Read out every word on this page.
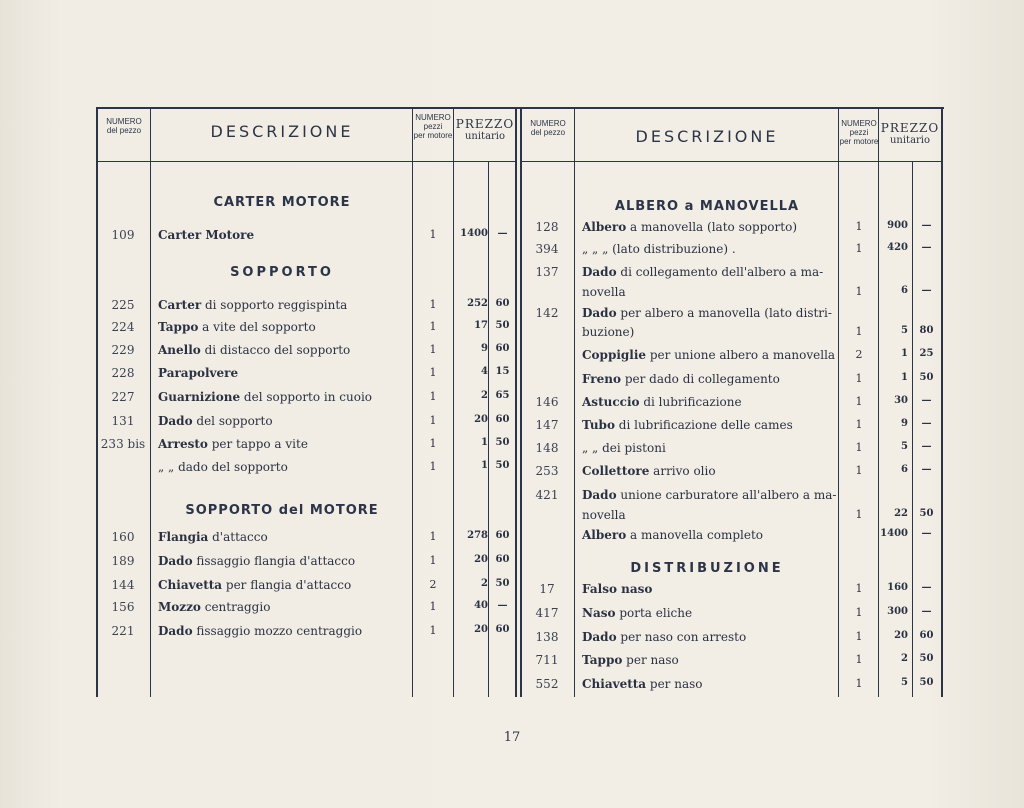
NUMERO
del pezzo	DESCRIZIONE
NUMERO
pezzi
per motore
PREZZO
unitario
NUMERO
del pezzo	DESCRIZIONE
NUMERO
pezzi
per motore
PREZZO
unitario
CARTER MOTORE
SOPPORTO
SOPPORTO del MOTORE
ALBERO a MANOVELLA
DISTRIBUZIONE
109	Carter Motore	1	1400 —
225	Carter di sopporto reggispinta	1	252 60
224	Tappo a vite del sopporto	1	17 50
229	Anello di distacco del sopporto	1	9 60
228	Parapolvere	1	4 15
227	Guarnizione del sopporto in cuoio	1	2 65
131	Dado del sopporto	1	20 60
233 bis	Arresto per tappo a vite	1	1 50
„ „ dado del sopporto	1	1 50
160	Flangia d'attacco	1	278 60
189	Dado fissaggio flangia d'attacco	1	20 60
144	Chiavetta per flangia d'attacco	2	2 50
156	Mozzo centraggio	1	40 —
221	Dado fissaggio mozzo centraggio	1	20 60
128	Albero a manovella (lato sopporto)	1	900	—
394	„ „ „ (lato distribuzione) .	1	420	—
137	Dado di collegamento dell'albero a ma-
novella	1	6	—
142	Dado per albero a manovella (lato distri-
buzione)	1	5	80
Coppiglie per unione albero a manovella	2	1	25
Freno per dado di collegamento	1	1	50
146	Astuccio di lubrificazione	1	30	—
147	Tubo di lubrificazione delle cames	1	9	—
148	„ „ dei pistoni	1	5	—
253	Collettore arrivo olio	1	6	—
421	Dado unione carburatore all'albero a ma-
novella	1	22	50
Albero a manovella completo	1400	—
17	Falso naso	1	160	—
417	Naso porta eliche	1	300	—
138	Dado per naso con arresto	1	20	60
711	Tappo per naso	1	2	50
552	Chiavetta per naso	1	5	50
17
